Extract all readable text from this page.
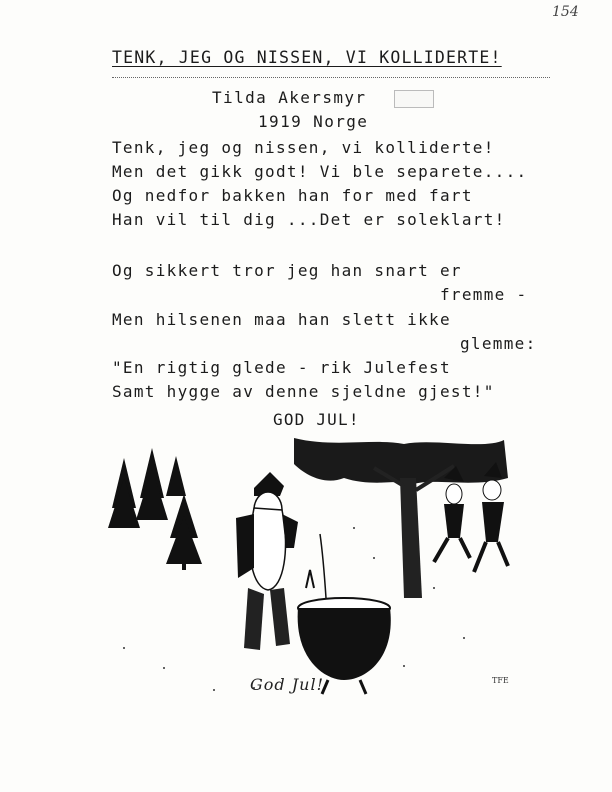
154
TENK, JEG OG NISSEN, VI KOLLIDERTE!
Tilda Akersmyr
1919 Norge
Tenk, jeg og nissen, vi kolliderte!
Men det gikk godt! Vi ble separete....
Og nedfor bakken han for med fart
Han vil til dig ...Det er soleklart!
Og sikkert tror jeg han snart er
fremme -
Men hilsenen maa han slett ikke
glemme:
"En rigtig glede - rik Julefest
Samt hygge av denne sjeldne gjest!"
GOD JUL!
TFE
God Jul!
